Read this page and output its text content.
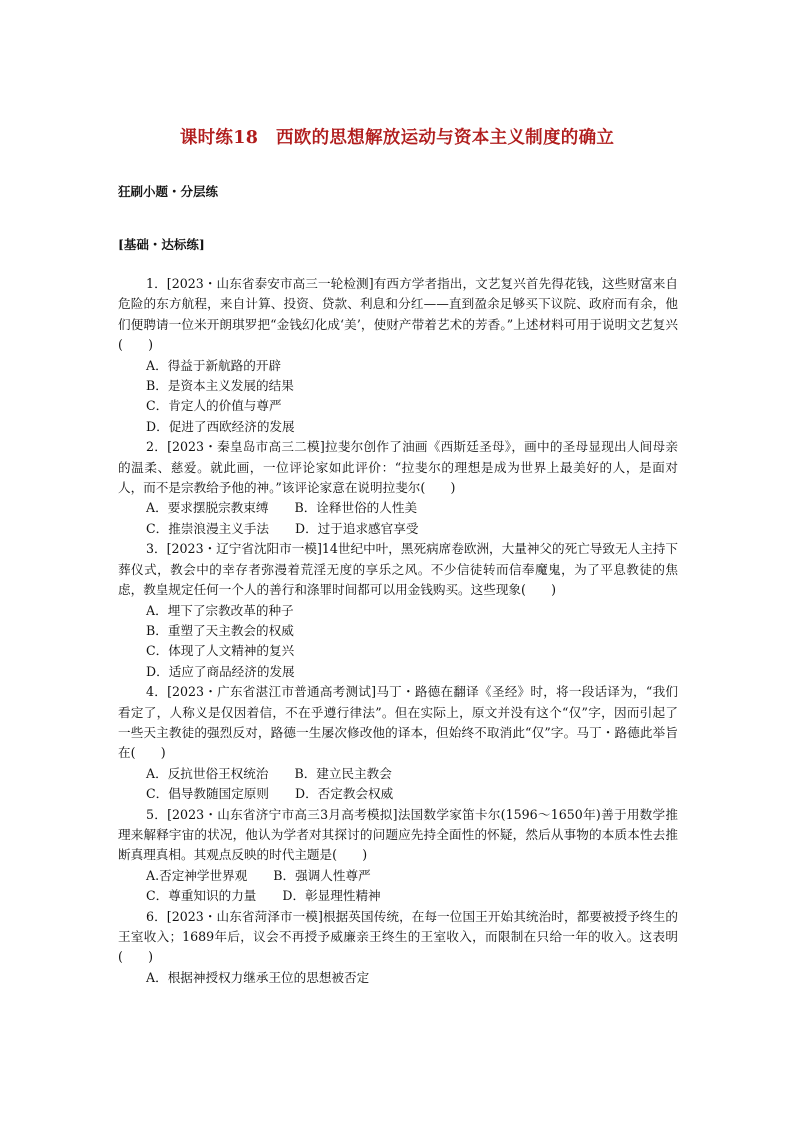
课时练18　西欧的思想解放运动与资本主义制度的确立
狂刷小题・分层练
[基础・达标练]

1．[2023・山东省泰安市高三一轮检测]有西方学者指出，文艺复兴首先得花钱，这些财富来自危险的东方航程，来自计算、投资、贷款、利息和分红——直到盈余足够买下议院、政府而有余，他们便聘请一位米开朗琪罗把“金钱幻化成‘美’，使财产带着艺术的芳香。”上述材料可用于说明文艺复兴(　　)

A．得益于新航路的开辟

B．是资本主义发展的结果

C．肯定人的价值与尊严

D．促进了西欧经济的发展

2．[2023・秦皇岛市高三二模]拉斐尔创作了油画《西斯廷圣母》，画中的圣母显现出人间母亲的温柔、慈爱。就此画，一位评论家如此评价：“拉斐尔的理想是成为世界上最美好的人，是面对人，而不是宗教给予他的神。”该评论家意在说明拉斐尔(　　)

A．要求摆脱宗教束缚 B．诠释世俗的人性美

C．推崇浪漫主义手法 D．过于追求感官享受

3．[2023・辽宁省沈阳市一模]14世纪中叶，黑死病席卷欧洲，大量神父的死亡导致无人主持下葬仪式，教会中的幸存者弥漫着荒淫无度的享乐之风。不少信徒转而信奉魔鬼，为了平息教徒的焦虑，教皇规定任何一个人的善行和涤罪时间都可以用金钱购买。这些现象(　　)

A．埋下了宗教改革的种子

B．重塑了天主教会的权威

C．体现了人文精神的复兴

D．适应了商品经济的发展

4．[2023・广东省湛江市普通高考测试]马丁・路德在翻译《圣经》时，将一段话译为，“我们看定了，人称义是仅因着信，不在乎遵行律法”。但在实际上，原文并没有这个“仅”字，因而引起了一些天主教徒的强烈反对，路德一生屡次修改他的译本，但始终不取消此“仅”字。马丁・路德此举旨在(　　)

A．反抗世俗王权统治 B．建立民主教会

C．倡导教随国定原则 D．否定教会权威

5．[2023・山东省济宁市高三3月高考模拟]法国数学家笛卡尔(1596～1650年)善于用数学推理来解释宇宙的状况，他认为学者对其探讨的问题应先持全面性的怀疑，然后从事物的本质本性去推断真理真相。其观点反映的时代主题是(　　)

A.否定神学世界观 B．强调人性尊严

C．尊重知识的力量 D．彰显理性精神

6．[2023・山东省菏泽市一模]根据英国传统，在每一位国王开始其统治时，都要被授予终生的王室收入；1689年后，议会不再授予威廉亲王终生的王室收入，而限制在只给一年的收入。这表明(　　)

A．根据神授权力继承王位的思想被否定
